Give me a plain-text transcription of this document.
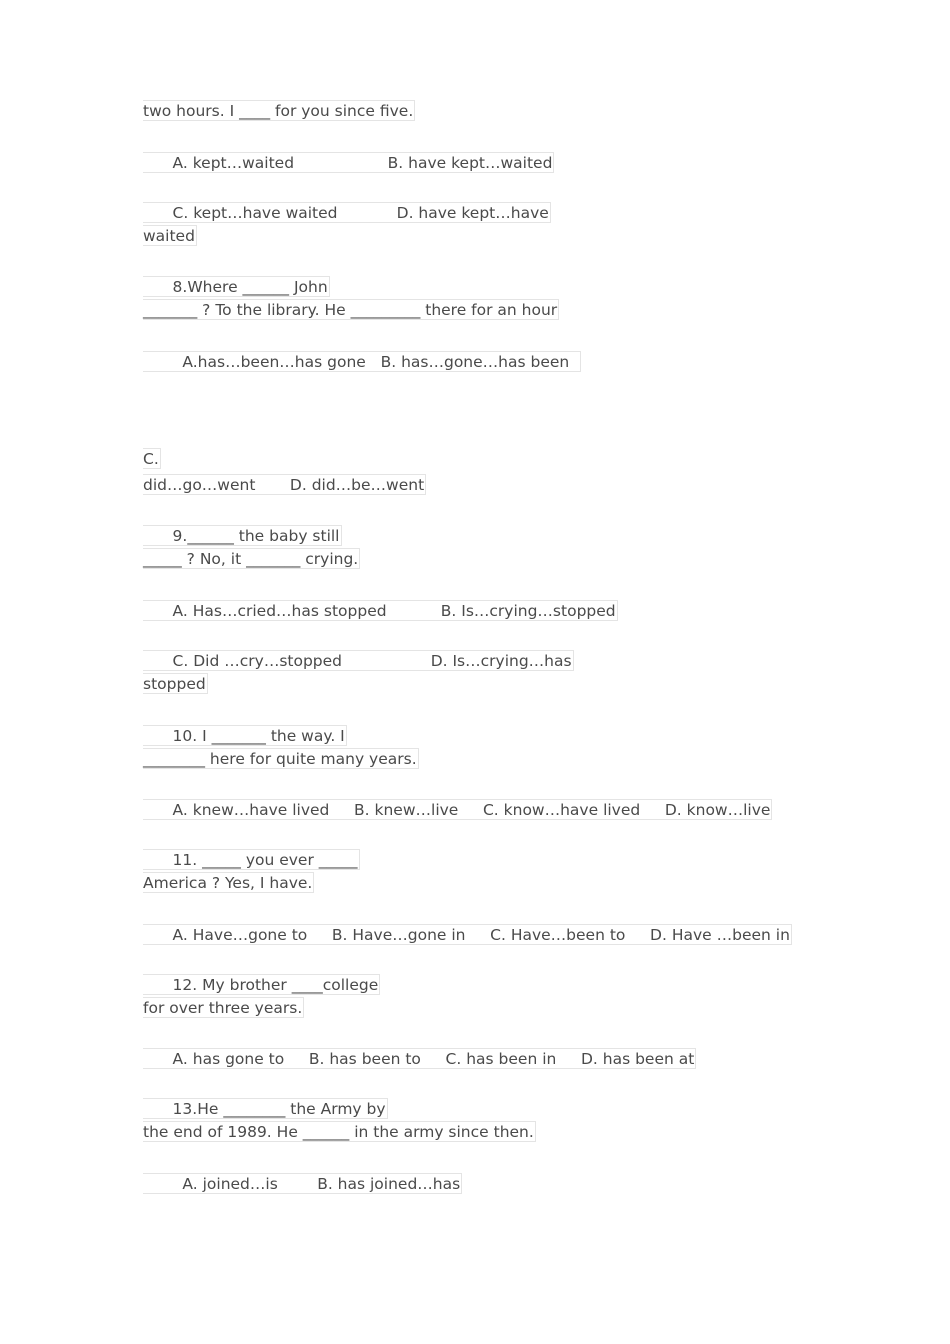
two hours. I ____ for you since five.
A. kept…waited                   B. have kept…waited
C. kept…have waited            D. have kept…have
waited
8.Where ______ John
_______ ? To the library. He _________ there for an hour
A.has…been…has gone   B. has…gone…has been
C.
did…go…went       D. did…be…went
9.______ the baby still
_____ ? No, it _______ crying.
A. Has…cried…has stopped           B. Is…crying…stopped
C. Did …cry…stopped                  D. Is…crying…has
stopped
10. I _______ the way. I
________ here for quite many years.
A. knew…have lived     B. knew…live     C. know…have lived     D. know…live
11. _____ you ever _____
America ? Yes, I have.
A. Have…gone to     B. Have…gone in     C. Have…been to     D. Have …been in
12. My brother ____college
for over three years.
A. has gone to     B. has been to     C. has been in     D. has been at
13.He ________ the Army by
the end of 1989. He ______ in the army since then.
A. joined…is        B. has joined…has
